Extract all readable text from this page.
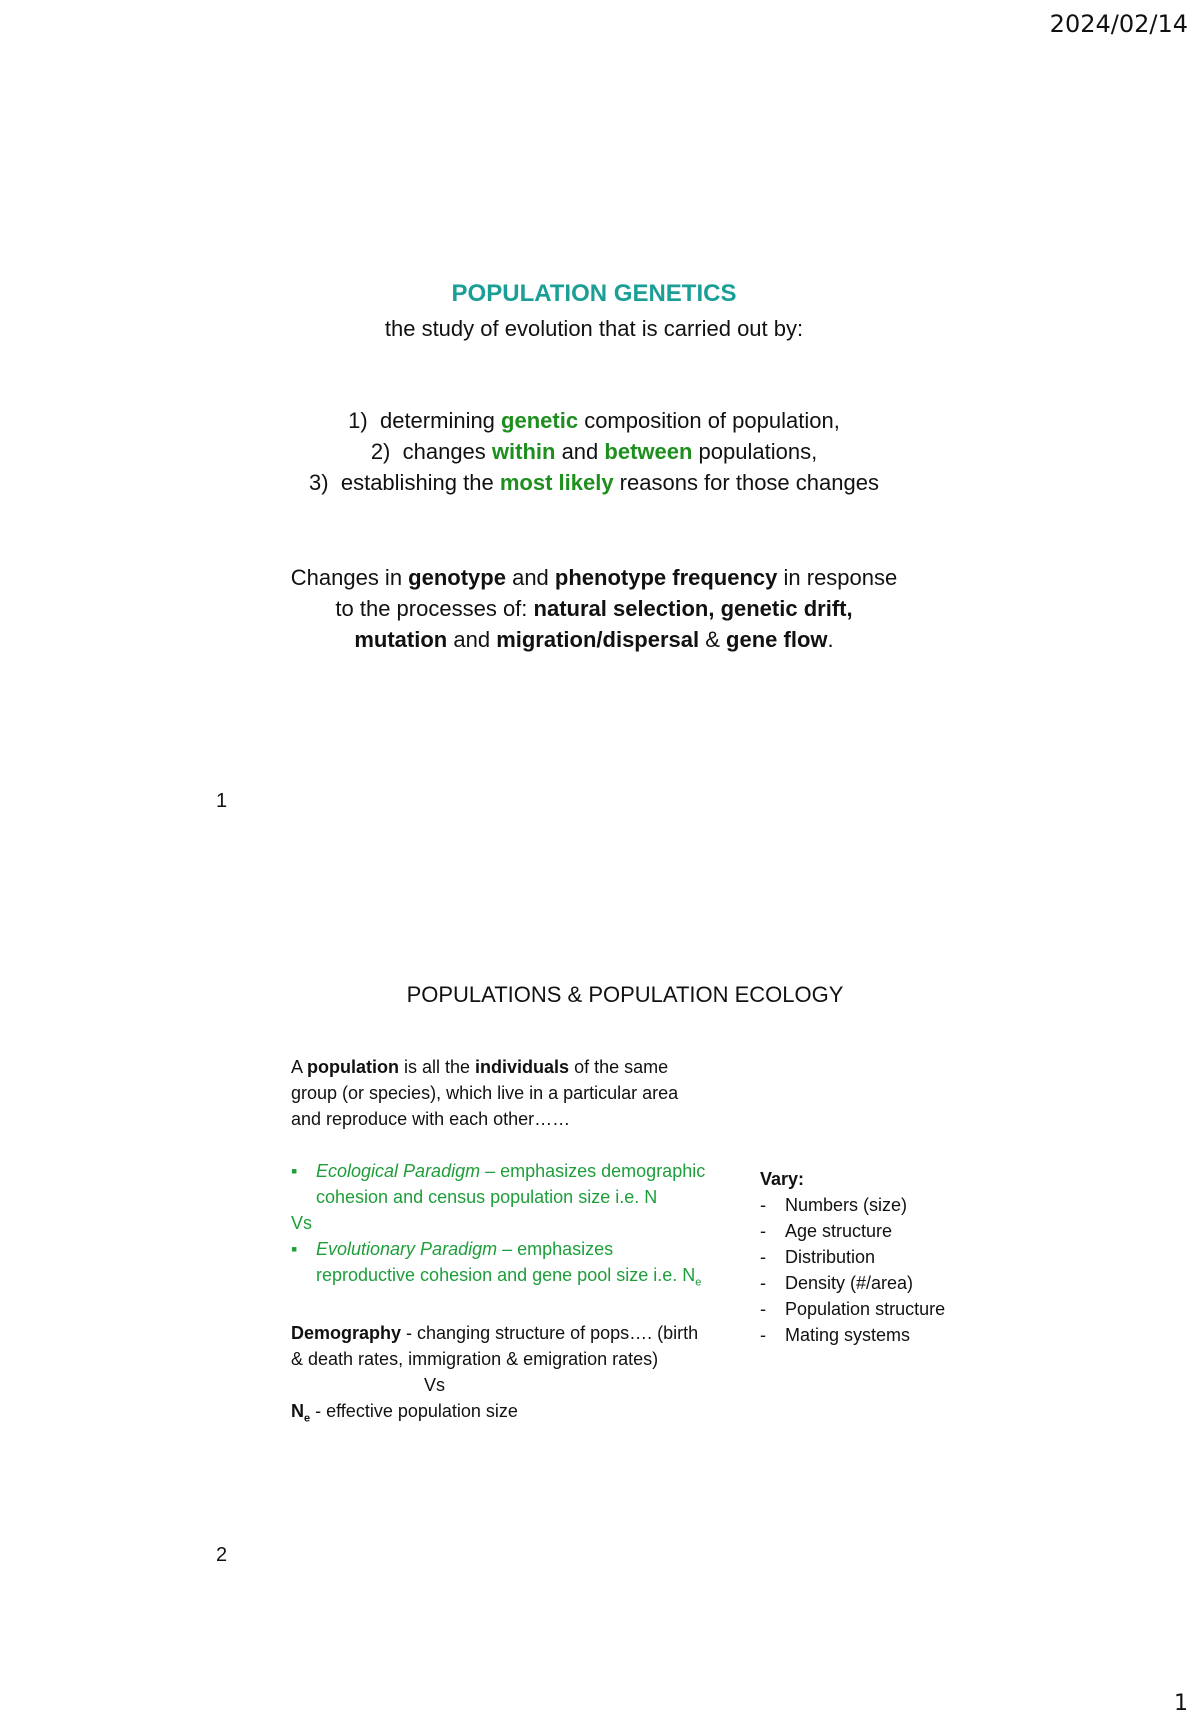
2024/02/14
POPULATION GENETICS
the study of evolution that is carried out by:
1) determining genetic composition of population,
2) changes within and between populations,
3) establishing the most likely reasons for those changes
Changes in genotype and phenotype frequency in response
to the processes of: natural selection, genetic drift,
mutation and migration/dispersal & gene flow.
1
POPULATIONS & POPULATION ECOLOGY

A population is all the individuals of the same group (or species), which live in a particular area and reproduce with each other……

▪ Ecological Paradigm – emphasizes demographic cohesion and census population size i.e. N
Vs
▪ Evolutionary Paradigm – emphasizes reproductive cohesion and gene pool size i.e. $N_e$

Demography - changing structure of pops…. (birth & death rates, immigration & emigration rates)

Vs

$N_e$ - effective population size

Vary:
- Numbers (size)
- Age structure
- Distribution
- Density (#/area)
- Population structure
- Mating systems
2
1
